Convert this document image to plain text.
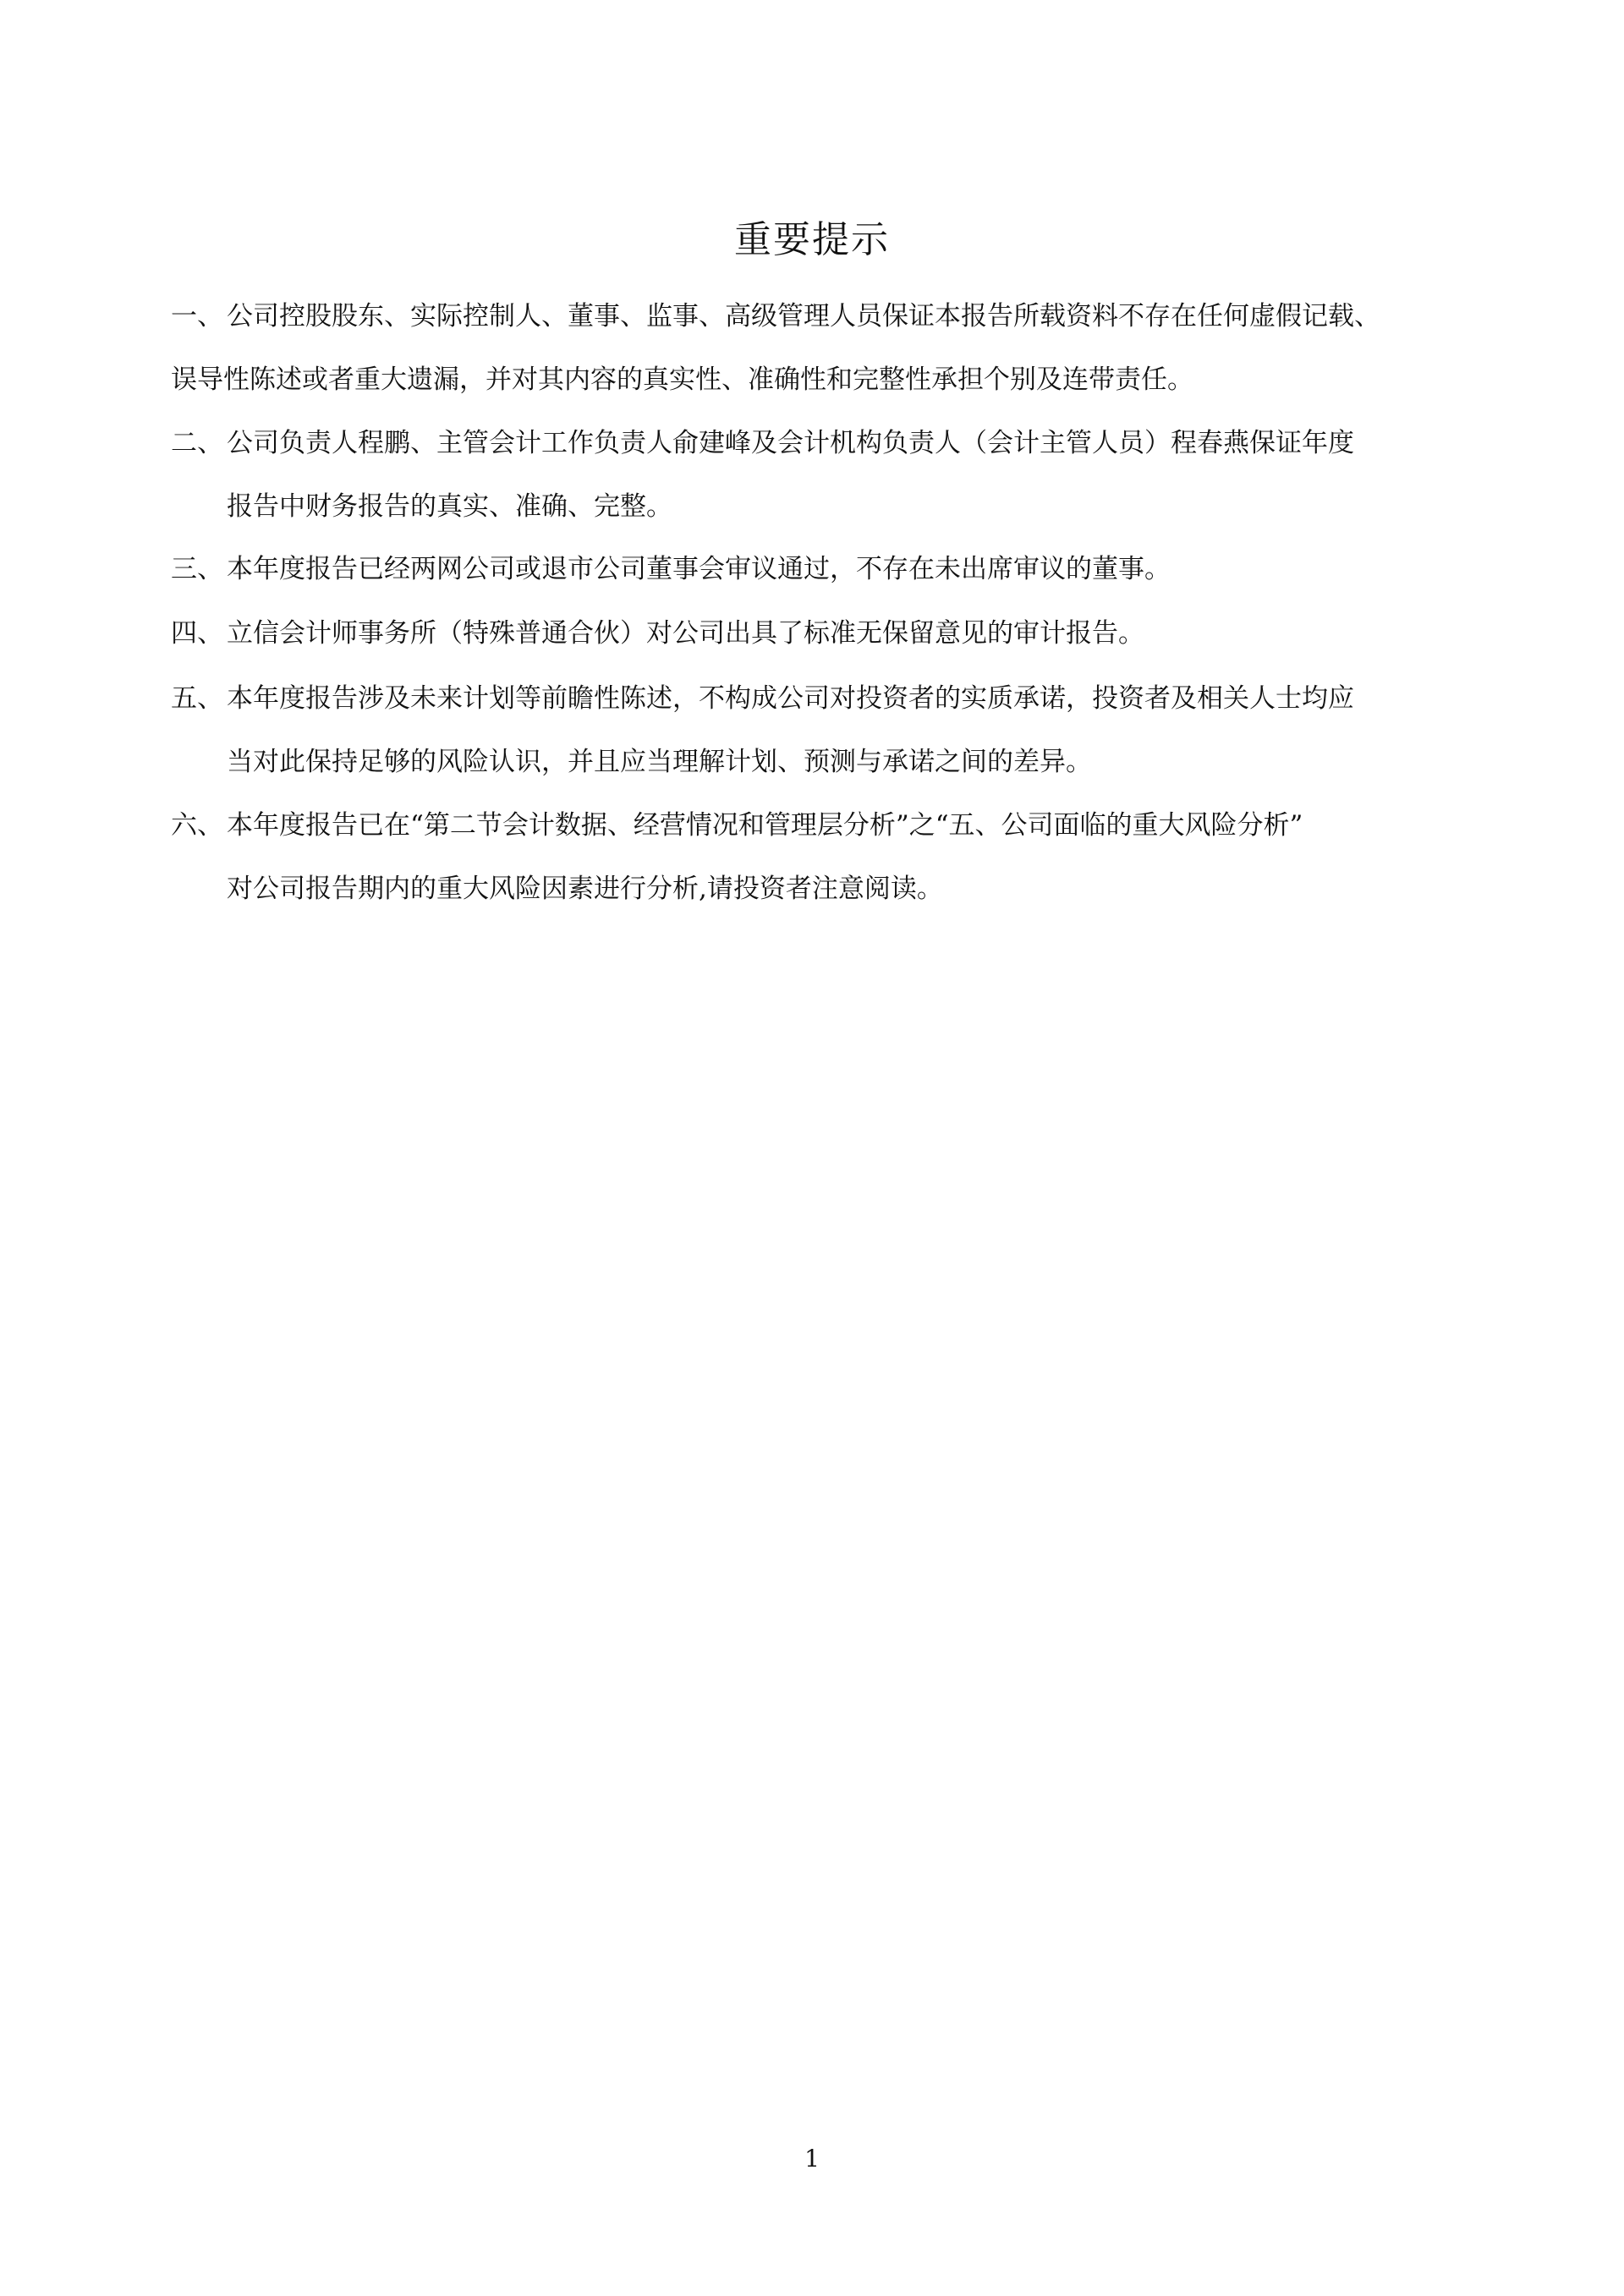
重要提示
一、 公司控股股东、实际控制人、董事、监事、高级管理人员保证本报告所载资料不存在任何虚假记载、
误导性陈述或者重大遗漏，并对其内容的真实性、准确性和完整性承担个别及连带责任。
二、 公司负责人程鹏、主管会计工作负责人俞建峰及会计机构负责人（会计主管人员）程春燕保证年度
报告中财务报告的真实、准确、完整。
三、 本年度报告已经两网公司或退市公司董事会审议通过，不存在未出席审议的董事。
四、 立信会计师事务所（特殊普通合伙）对公司出具了标准无保留意见的审计报告。
五、 本年度报告涉及未来计划等前瞻性陈述，不构成公司对投资者的实质承诺，投资者及相关人士均应
当对此保持足够的风险认识，并且应当理解计划、预测与承诺之间的差异。
六、 本年度报告已在“第二节会计数据、经营情况和管理层分析”之“五、公司面临的重大风险分析”
对公司报告期内的重大风险因素进行分析,请投资者注意阅读。
1
